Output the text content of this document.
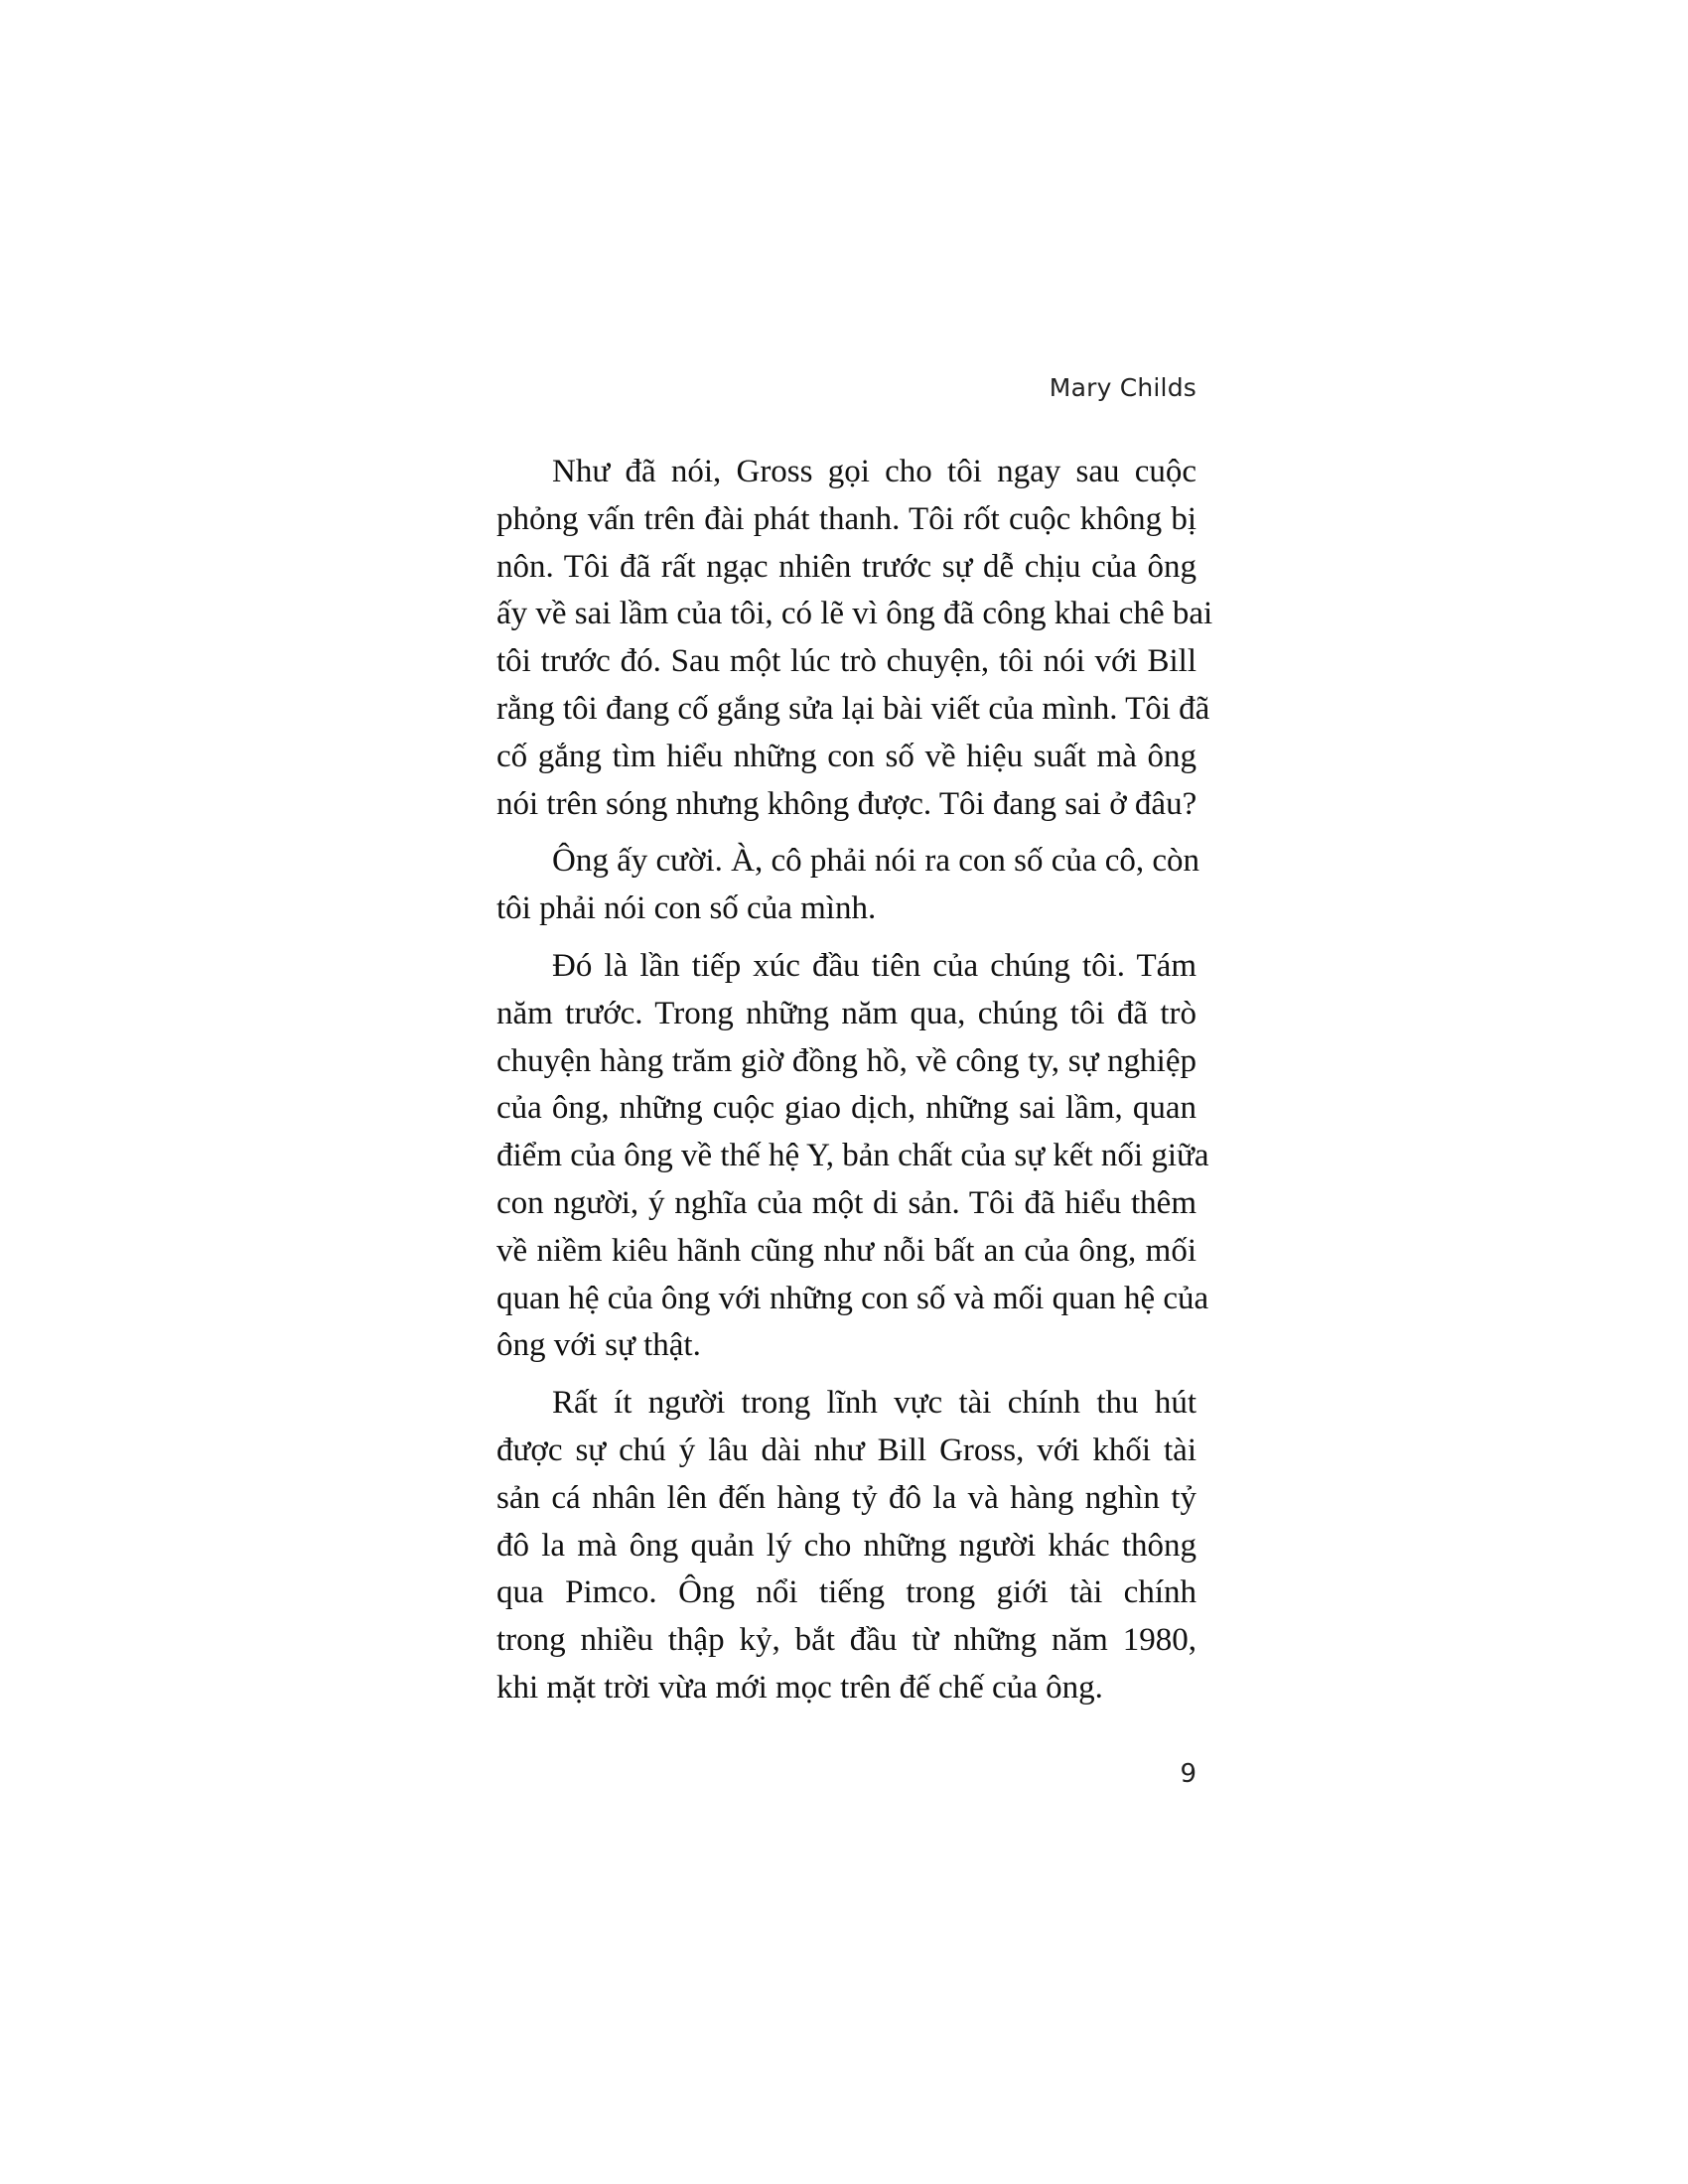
Mary Childs

Như đã nói, Gross gọi cho tôi ngay sau cuộc
phỏng vấn trên đài phát thanh. Tôi rốt cuộc không bị
nôn. Tôi đã rất ngạc nhiên trước sự dễ chịu của ông
ấy về sai lầm của tôi, có lẽ vì ông đã công khai chê bai
tôi trước đó. Sau một lúc trò chuyện, tôi nói với Bill
rằng tôi đang cố gắng sửa lại bài viết của mình. Tôi đã
cố gắng tìm hiểu những con số về hiệu suất mà ông
nói trên sóng nhưng không được. Tôi đang sai ở đâu?

Ông ấy cười. À, cô phải nói ra con số của cô, còn
tôi phải nói con số của mình.

Đó là lần tiếp xúc đầu tiên của chúng tôi. Tám
năm trước. Trong những năm qua, chúng tôi đã trò
chuyện hàng trăm giờ đồng hồ, về công ty, sự nghiệp
của ông, những cuộc giao dịch, những sai lầm, quan
điểm của ông về thế hệ Y, bản chất của sự kết nối giữa
con người, ý nghĩa của một di sản. Tôi đã hiểu thêm
về niềm kiêu hãnh cũng như nỗi bất an của ông, mối
quan hệ của ông với những con số và mối quan hệ của
ông với sự thật.

Rất ít người trong lĩnh vực tài chính thu hút
được sự chú ý lâu dài như Bill Gross, với khối tài
sản cá nhân lên đến hàng tỷ đô la và hàng nghìn tỷ
đô la mà ông quản lý cho những người khác thông
qua Pimco. Ông nổi tiếng trong giới tài chính
trong nhiều thập kỷ, bắt đầu từ những năm 1980,
khi mặt trời vừa mới mọc trên đế chế của ông.

9
